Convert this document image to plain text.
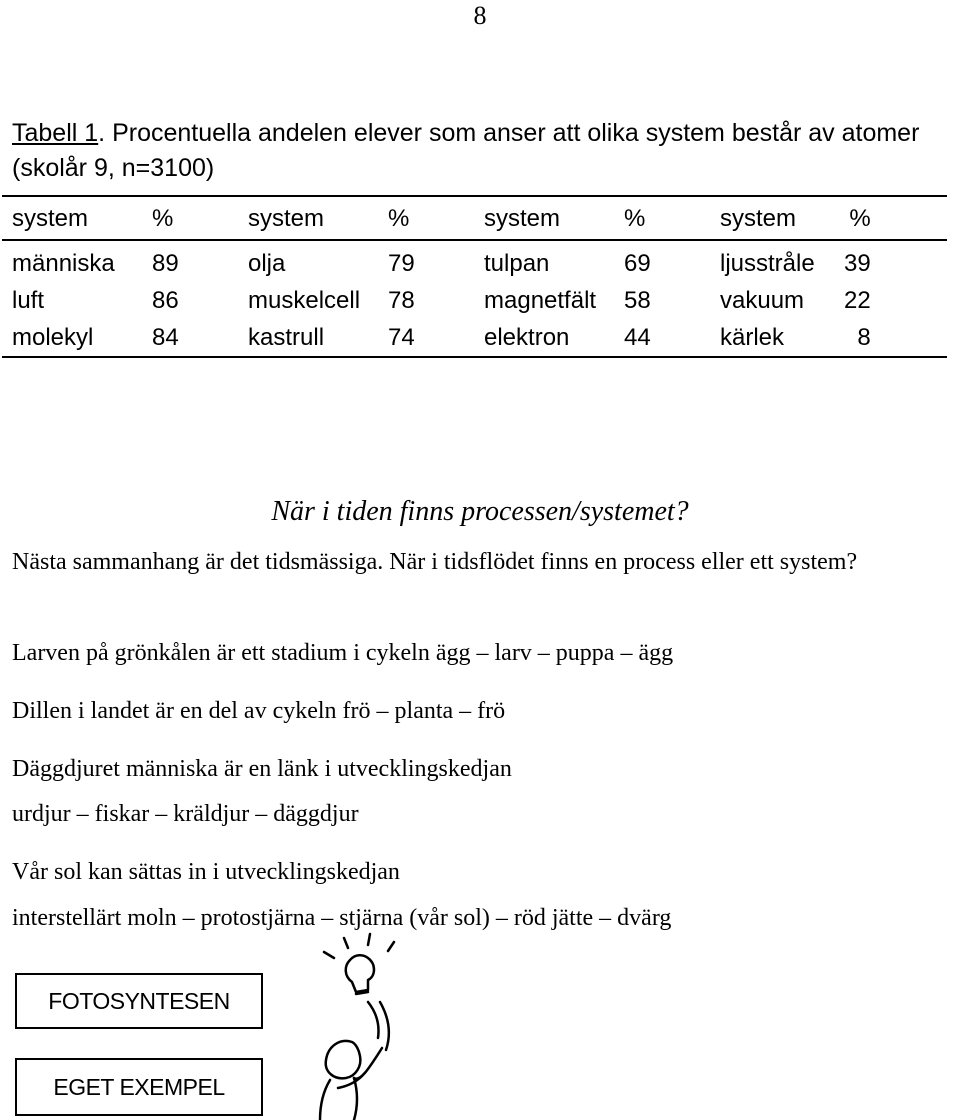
8
Tabell 1. Procentuella andelen elever som anser att olika system består av atomer (skolår 9, n=3100)
system	%	system	%	system	%	system	%
människa	89	olja	79	tulpan	69	ljusstråle	39
luft	86	muskelcell	78	magnetfält	58	vakuum	22
molekyl	84	kastrull	74	elektron	44	kärlek	8
När i tiden finns processen/systemet?
Nästa sammanhang är det tidsmässiga. När i tidsflödet finns en process eller ett system?
Larven på grönkålen är ett stadium i cykeln ägg – larv – puppa – ägg
Dillen i landet är en del av cykeln frö – planta – frö
Däggdjuret människa är en länk i utvecklingskedjan
urdjur – fiskar – kräldjur – däggdjur
Vår sol kan sättas in i utvecklingskedjan
interstellärt moln – protostjärna – stjärna (vår sol) – röd jätte – dvärg
FOTOSYNTESEN
EGET EXEMPEL
